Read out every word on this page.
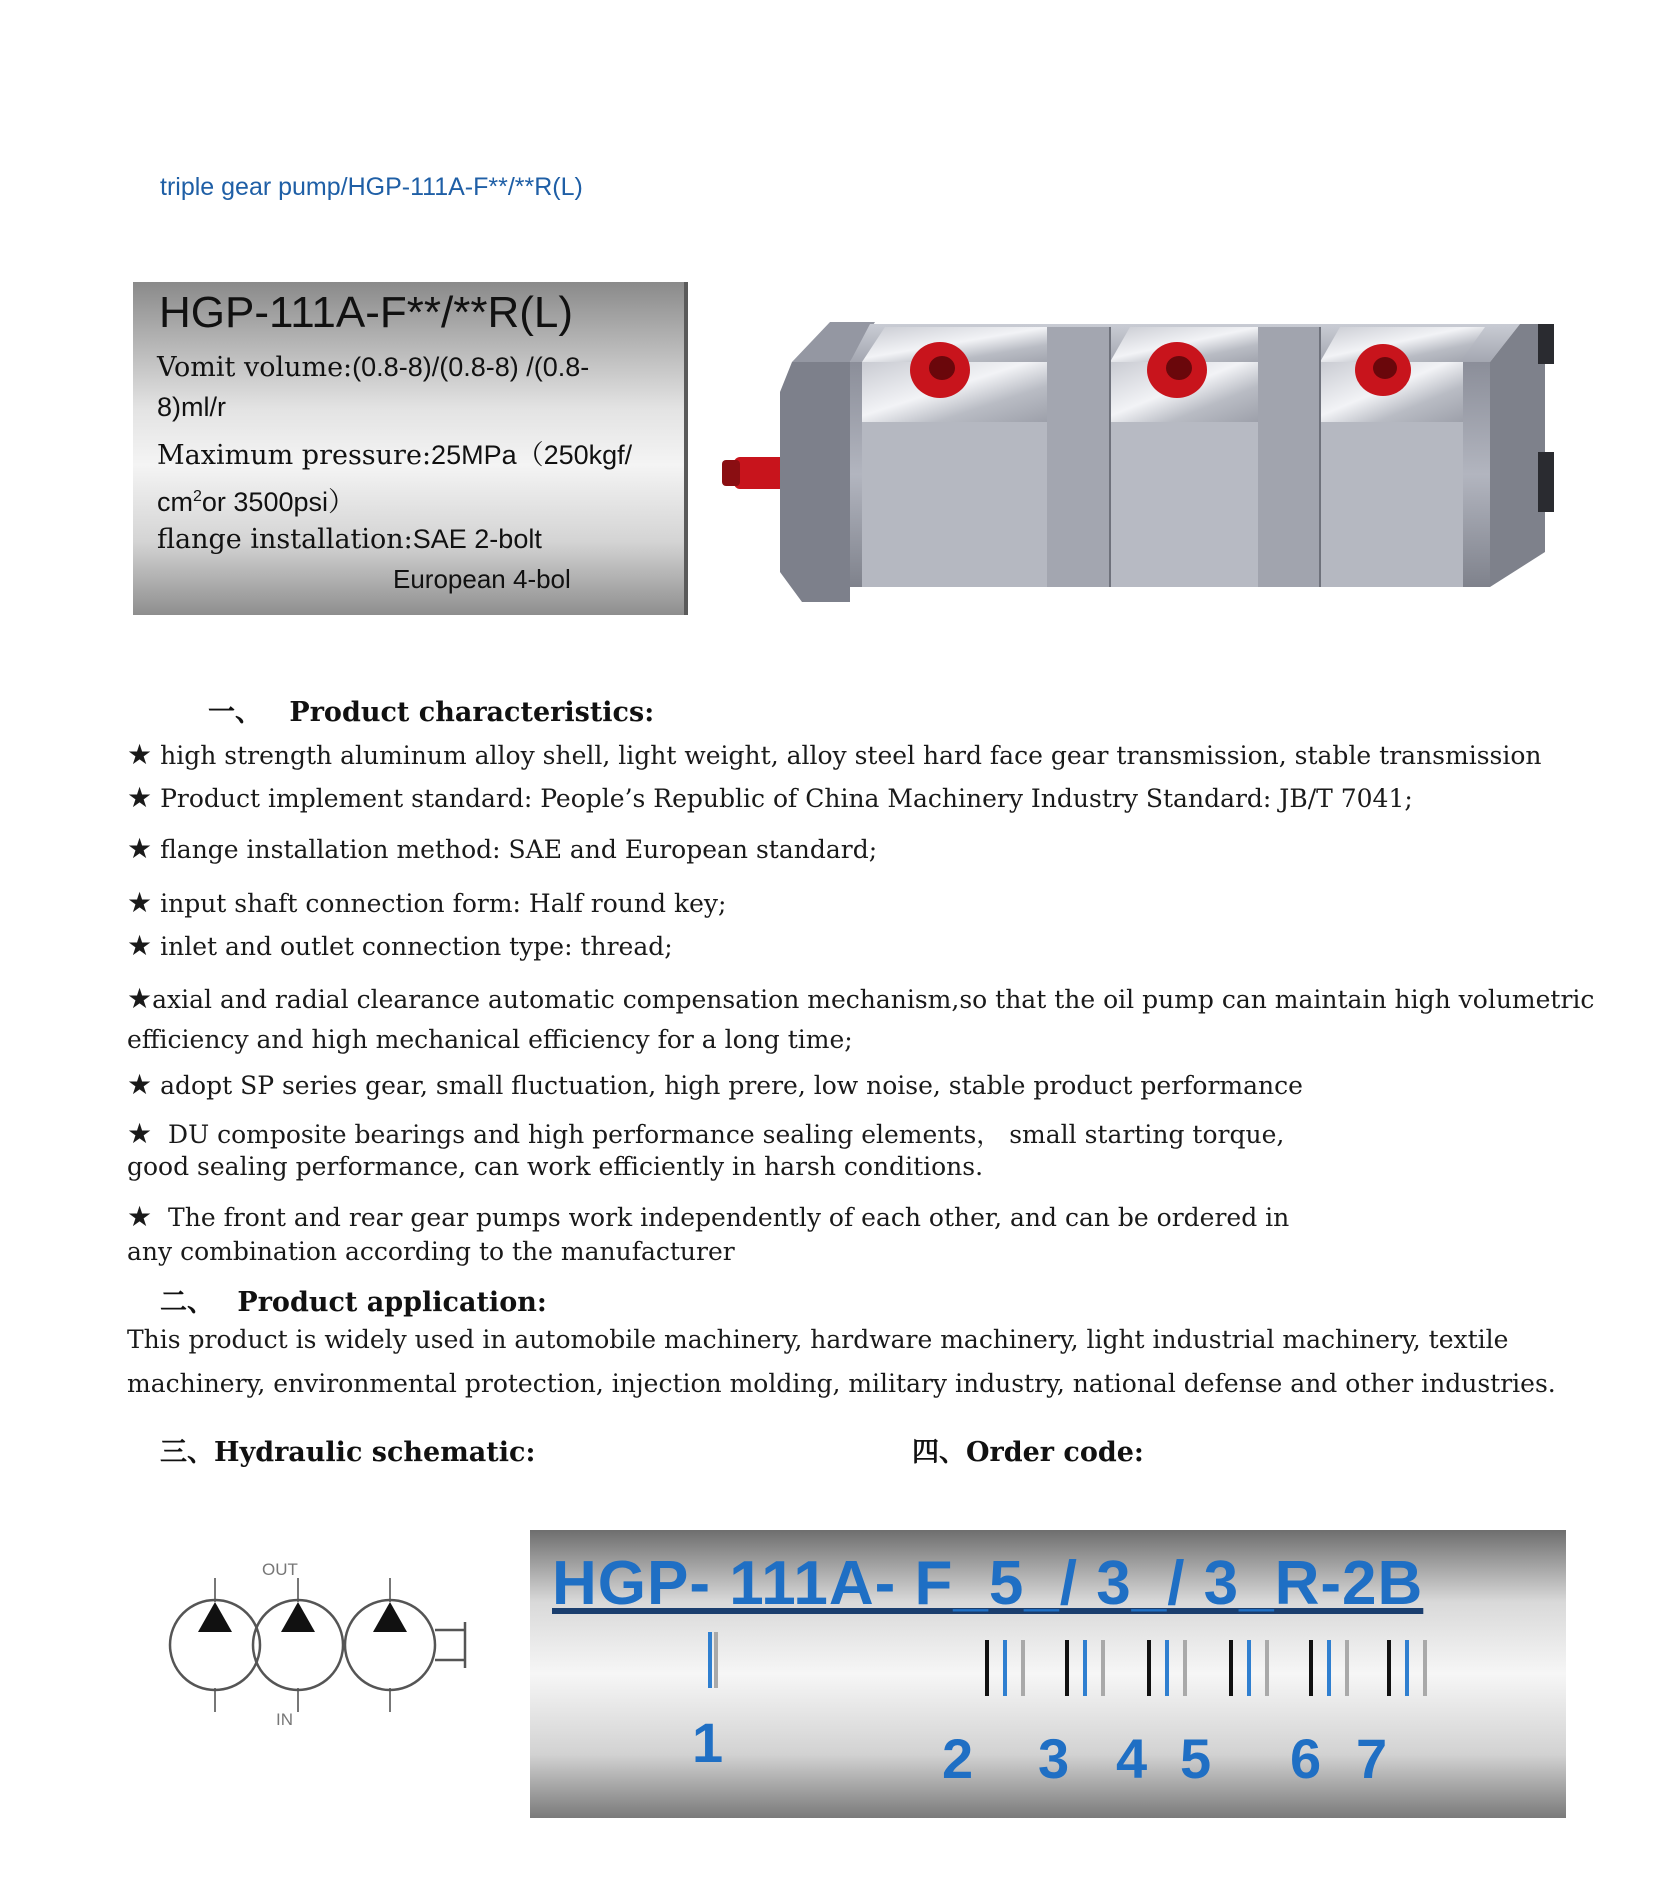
triple gear pump/HGP-111A-F**/**R(L)
HGP-111A-F**/**R(L)
Vomit volume:(0.8-8)/(0.8-8) /(0.8-
8)ml/r
Maximum pressure:25MPa（250kgf/
$cm^2or$ 3500psi）
flange installation:SAE 2-bolt
European 4-bol
一、 Product characteristics:
★ high strength aluminum alloy shell, light weight, alloy steel hard face gear transmission, stable transmission
★ Product implement standard: People’s Republic of China Machinery Industry Standard: JB/T 7041;
★ flange installation method: SAE and European standard;
★ input shaft connection form: Half round key;
★ inlet and outlet connection type: thread;
★axial and radial clearance automatic compensation mechanism,so that the oil pump can maintain high volumetric
efficiency and high mechanical efficiency for a long time;
★ adopt SP series gear, small fluctuation, high prere, low noise, stable product performance
★ DU composite bearings and high performance sealing elements， small starting torque,
good sealing performance, can work efficiently in harsh conditions.
★ The front and rear gear pumps work independently of each other, and can be ordered in
any combination according to the manufacturer
二、 Product application:
This product is widely used in automobile machinery, hardware machinery, light industrial machinery, textile
machinery, environmental protection, injection molding, military industry, national defense and other industries.
三、Hydraulic schematic:	四、Order code:
OUT
IN
HGP- 111A- F_5_/ 3_/ 3_R-2B
1	2 3 4 5 6 7
